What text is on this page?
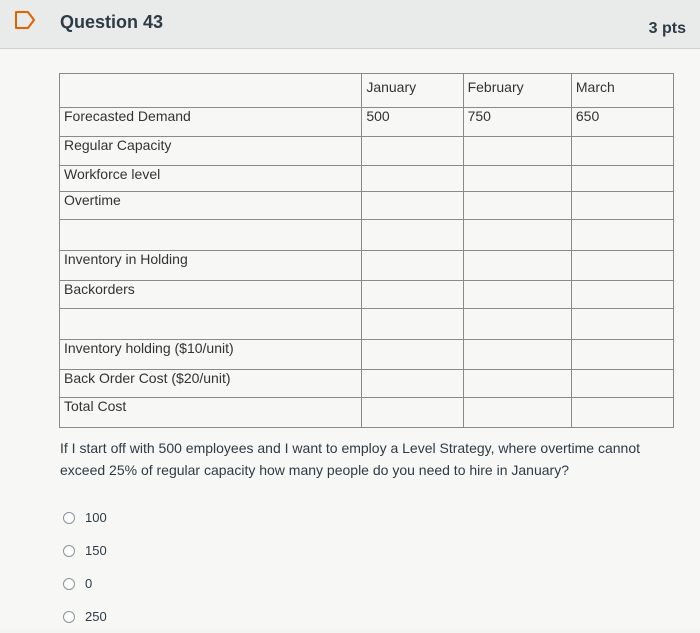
Question 43	3 pts
	January	February	March
Forecasted Demand	500	750	650
Regular Capacity			
Workforce level			
Overtime			

Inventory in Holding			
Backorders			

Inventory holding ($10/unit)			
Back Order Cost ($20/unit)			
Total Cost			
If I start off with 500 employees and I want to employ a Level Strategy, where overtime cannot exceed 25% of regular capacity how many people do you need to hire in January?
100
150
0
250
